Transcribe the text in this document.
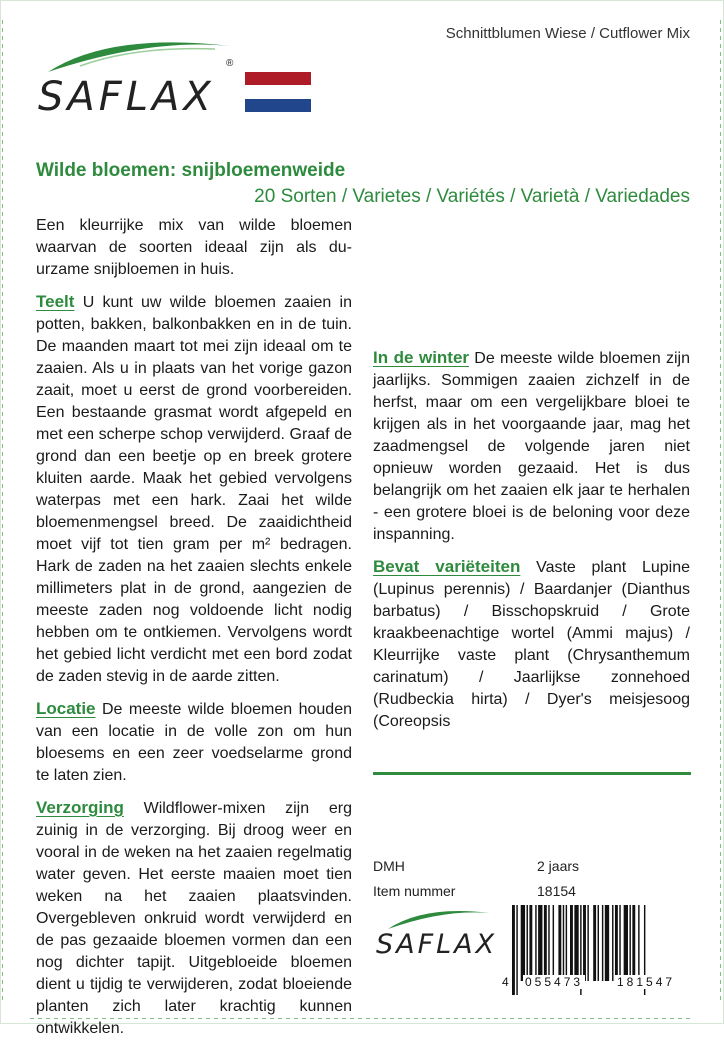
Schnittblumen Wiese / Cutflower Mix
SAFLAX
®
Wilde bloemen: snijbloemenweide
20 Sorten / Varietes / Variétés / Varietà / Variedades

Een kleurrijke mix van wilde bloemen waarvan de soorten ideaal zijn als duurzame snijbloemen in huis.

Teelt U kunt uw wilde bloemen zaaien in potten, bakken, balkonbakken en in de tuin. De maanden maart tot mei zijn ideaal om te zaaien. Als u in plaats van het vorige gazon zaait, moet u eerst de grond voorbereiden. Een bestaande grasmat wordt afgepeld en met een scherpe schop verwijderd. Graaf de grond dan een beetje op en breek grotere kluiten aarde. Maak het gebied vervolgens waterpas met een hark. Zaai het wilde bloemenmengsel breed. De zaaidichtheid moet vijf tot tien gram per m² bedragen. Hark de zaden na het zaaien slechts enkele millimeters plat in de grond, aangezien de meeste zaden nog voldoende licht nodig hebben om te ontkiemen. Vervolgens wordt het gebied licht verdicht met een bord zodat de zaden stevig in de aarde zitten.

Locatie De meeste wilde bloemen houden van een locatie in de volle zon om hun bloesems en een zeer voedselarme grond te laten zien.

Verzorging Wildflower-mixen zijn erg zuinig in de verzorging. Bij droog weer en vooral in de weken na het zaaien regelmatig water geven. Het eerste maaien moet tien weken na het zaaien plaatsvinden. Overgebleven onkruid wordt verwijderd en de pas gezaaide bloemen vormen dan een nog dichter tapijt. Uitgebloeide bloemen dient u tijdig te verwijderen, zodat bloeiende planten zich later krachtig kunnen ontwikkelen.

In de winter De meeste wilde bloemen zijn jaarlijks. Sommigen zaaien zichzelf in de herfst, maar om een vergelijkbare bloei te krijgen als in het voorgaande jaar, mag het zaadmengsel de volgende jaren niet opnieuw worden gezaaid. Het is dus belangrijk om het zaaien elk jaar te herhalen - een grotere bloei is de beloning voor deze inspanning.

Bevat variëteiten Vaste plant Lupine (Lupinus perennis) / Baardanjer (Dianthus barbatus) / Bisschopskruid / Grote kraakbeenachtige wortel (Ammi majus) / Kleurrijke vaste plant (Chrysanthemum carinatum) / Jaarlijkse zonnehoed (Rudbeckia hirta) / Dyer's meisjesoog (Coreopsis

DMH	2 jaars
Item nummer	18154
SAFLAX
4 055473	181547
